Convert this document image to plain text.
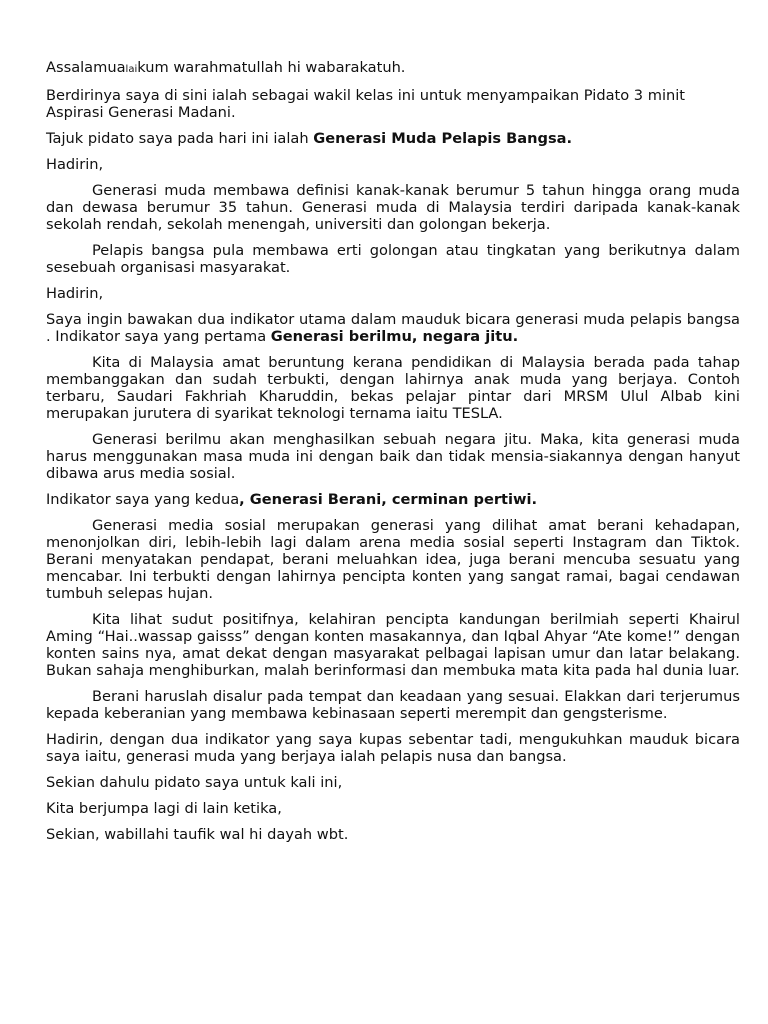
Assalamualaikum warahmatullah hi wabarakatuh.

Berdirinya saya di sini ialah sebagai wakil kelas ini untuk menyampaikan Pidato 3 minit Aspirasi Generasi Madani.

Tajuk pidato saya pada hari ini ialah Generasi Muda Pelapis Bangsa.

Hadirin,

Generasi muda membawa definisi kanak-kanak berumur 5 tahun hingga orang muda dan dewasa berumur 35 tahun. Generasi muda di Malaysia terdiri daripada kanak-kanak sekolah rendah, sekolah menengah, universiti dan golongan bekerja.

Pelapis bangsa pula membawa erti golongan atau tingkatan yang berikutnya dalam sesebuah organisasi masyarakat.

Hadirin,

Saya ingin bawakan dua indikator utama dalam mauduk bicara generasi muda pelapis bangsa . Indikator saya yang pertama Generasi berilmu, negara jitu.

Kita di Malaysia amat beruntung kerana pendidikan di Malaysia berada pada tahap membanggakan dan sudah terbukti, dengan lahirnya anak muda yang berjaya. Contoh terbaru, Saudari Fakhriah Kharuddin, bekas pelajar pintar dari MRSM Ulul Albab kini merupakan jurutera di syarikat teknologi ternama iaitu TESLA.

Generasi berilmu akan menghasilkan sebuah negara jitu. Maka, kita generasi muda harus menggunakan masa muda ini dengan baik dan tidak mensia-siakannya dengan hanyut dibawa arus media sosial.

Indikator saya yang kedua, Generasi Berani, cerminan pertiwi.

Generasi media sosial merupakan generasi yang dilihat amat berani kehadapan, menonjolkan diri, lebih-lebih lagi dalam arena media sosial seperti Instagram dan Tiktok. Berani menyatakan pendapat, berani meluahkan idea, juga berani mencuba sesuatu yang mencabar. Ini terbukti dengan lahirnya pencipta konten yang sangat ramai, bagai cendawan tumbuh selepas hujan.

Kita lihat sudut positifnya, kelahiran pencipta kandungan berilmiah seperti Khairul Aming “Hai..wassap gaisss” dengan konten masakannya, dan Iqbal Ahyar “Ate kome!” dengan konten sains nya, amat dekat dengan masyarakat pelbagai lapisan umur dan latar belakang. Bukan sahaja menghiburkan, malah berinformasi dan membuka mata kita pada hal dunia luar.

Berani haruslah disalur pada tempat dan keadaan yang sesuai. Elakkan dari terjerumus kepada keberanian yang membawa kebinasaan seperti merempit dan gengsterisme.

Hadirin, dengan dua indikator yang saya kupas sebentar tadi, mengukuhkan mauduk bicara saya iaitu, generasi muda yang berjaya ialah pelapis nusa dan bangsa.

Sekian dahulu pidato saya untuk kali ini,

Kita berjumpa lagi di lain ketika,

Sekian, wabillahi taufik wal hi dayah wbt.
